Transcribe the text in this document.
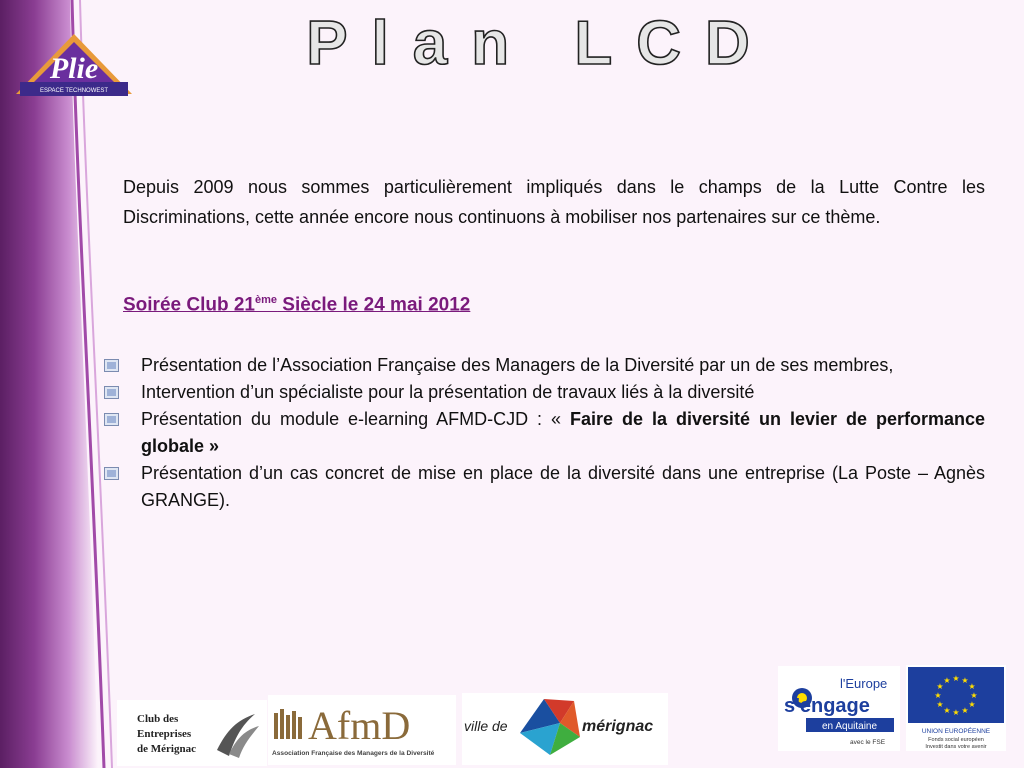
Plan LCD
Plie
ESPACE TECHNOWEST
Depuis 2009 nous sommes particulièrement impliqués dans le champs de la Lutte Contre les Discriminations, cette année encore nous continuons à mobiliser nos partenaires sur ce thème.
Soirée Club 21ème Siècle le 24 mai 2012
Présentation de l’Association Française des Managers de la Diversité par un de ses membres,
Intervention d’un spécialiste pour la présentation de travaux liés à la diversité
Présentation du module e-learning AFMD-CJD : « Faire de la diversité un levier de performance globale »
Présentation d’un cas concret de mise en place de la diversité dans une entreprise (La Poste – Agnès GRANGE).
Club des
Entreprises
de Mérignac
AfmD
Association Française des Managers de la Diversité
ville de	mérignac
l'Europe
s'engage
en Aquitaine
avec le FSE
★ ★
★
★
★
★
★
★
★
★
★
★
UNION EUROPÉENNE
Fonds social européen
Investit dans votre avenir
